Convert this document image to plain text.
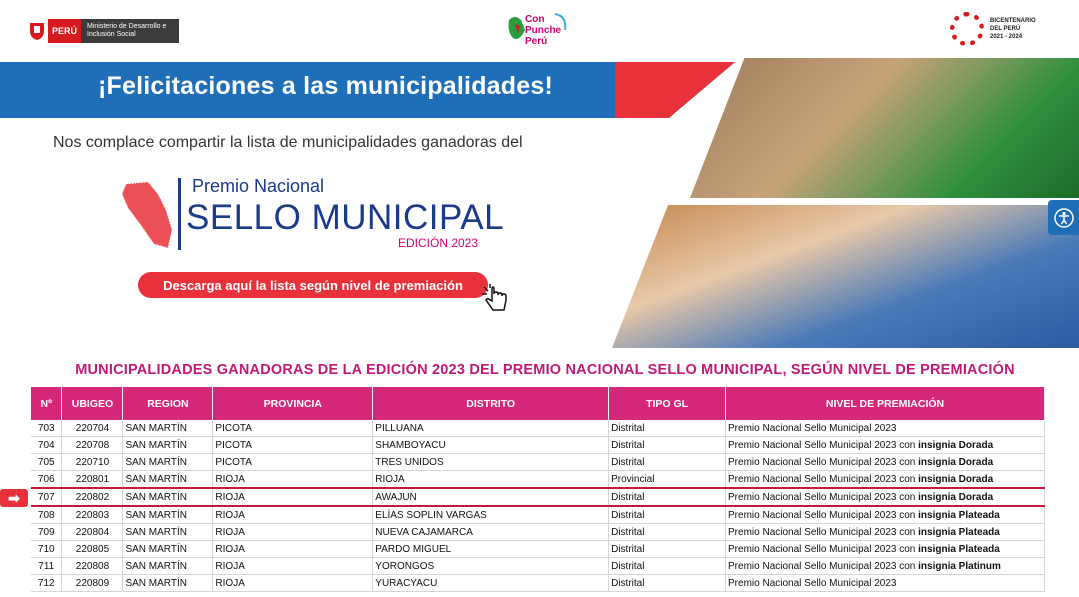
PERÚ	Ministerio de Desarrollo e Inclusión Social
Con Punche Perú
BICENTENARIO
DEL PERÚ
2021 - 2024
¡Felicitaciones a las municipalidades!
Nos complace compartir la lista de municipalidades ganadoras del
Premio Nacional
SELLO MUNICIPAL
EDICIÓN 2023
Descarga aquí la lista según nivel de premiación
MUNICIPALIDADES GANADORAS DE LA EDICIÓN 2023 DEL PREMIO NACIONAL SELLO MUNICIPAL, SEGÚN NIVEL DE PREMIACIÓN
➡
Nº	UBIGEO	REGION	PROVINCIA	DISTRITO	TIPO GL	NIVEL DE PREMIACIÓN
703	220704	SAN MARTÍN	PICOTA	PILLUANA	Distrital	Premio Nacional Sello Municipal 2023
704	220708	SAN MARTÍN	PICOTA	SHAMBOYACU	Distrital	Premio Nacional Sello Municipal 2023 con insignia Dorada
705	220710	SAN MARTÍN	PICOTA	TRES UNIDOS	Distrital	Premio Nacional Sello Municipal 2023 con insignia Dorada
706	220801	SAN MARTÍN	RIOJA	RIOJA	Provincial	Premio Nacional Sello Municipal 2023 con insignia Dorada
707	220802	SAN MARTÍN	RIOJA	AWAJUN	Distrital	Premio Nacional Sello Municipal 2023 con insignia Dorada
708	220803	SAN MARTÍN	RIOJA	ELÍAS SOPLIN VARGAS	Distrital	Premio Nacional Sello Municipal 2023 con insignia Plateada
709	220804	SAN MARTÍN	RIOJA	NUEVA CAJAMARCA	Distrital	Premio Nacional Sello Municipal 2023 con insignia Plateada
710	220805	SAN MARTÍN	RIOJA	PARDO MIGUEL	Distrital	Premio Nacional Sello Municipal 2023 con insignia Plateada
711	220808	SAN MARTÍN	RIOJA	YORONGOS	Distrital	Premio Nacional Sello Municipal 2023 con insignia Platinum
712	220809	SAN MARTÍN	RIOJA	YURACYACU	Distrital	Premio Nacional Sello Municipal 2023
